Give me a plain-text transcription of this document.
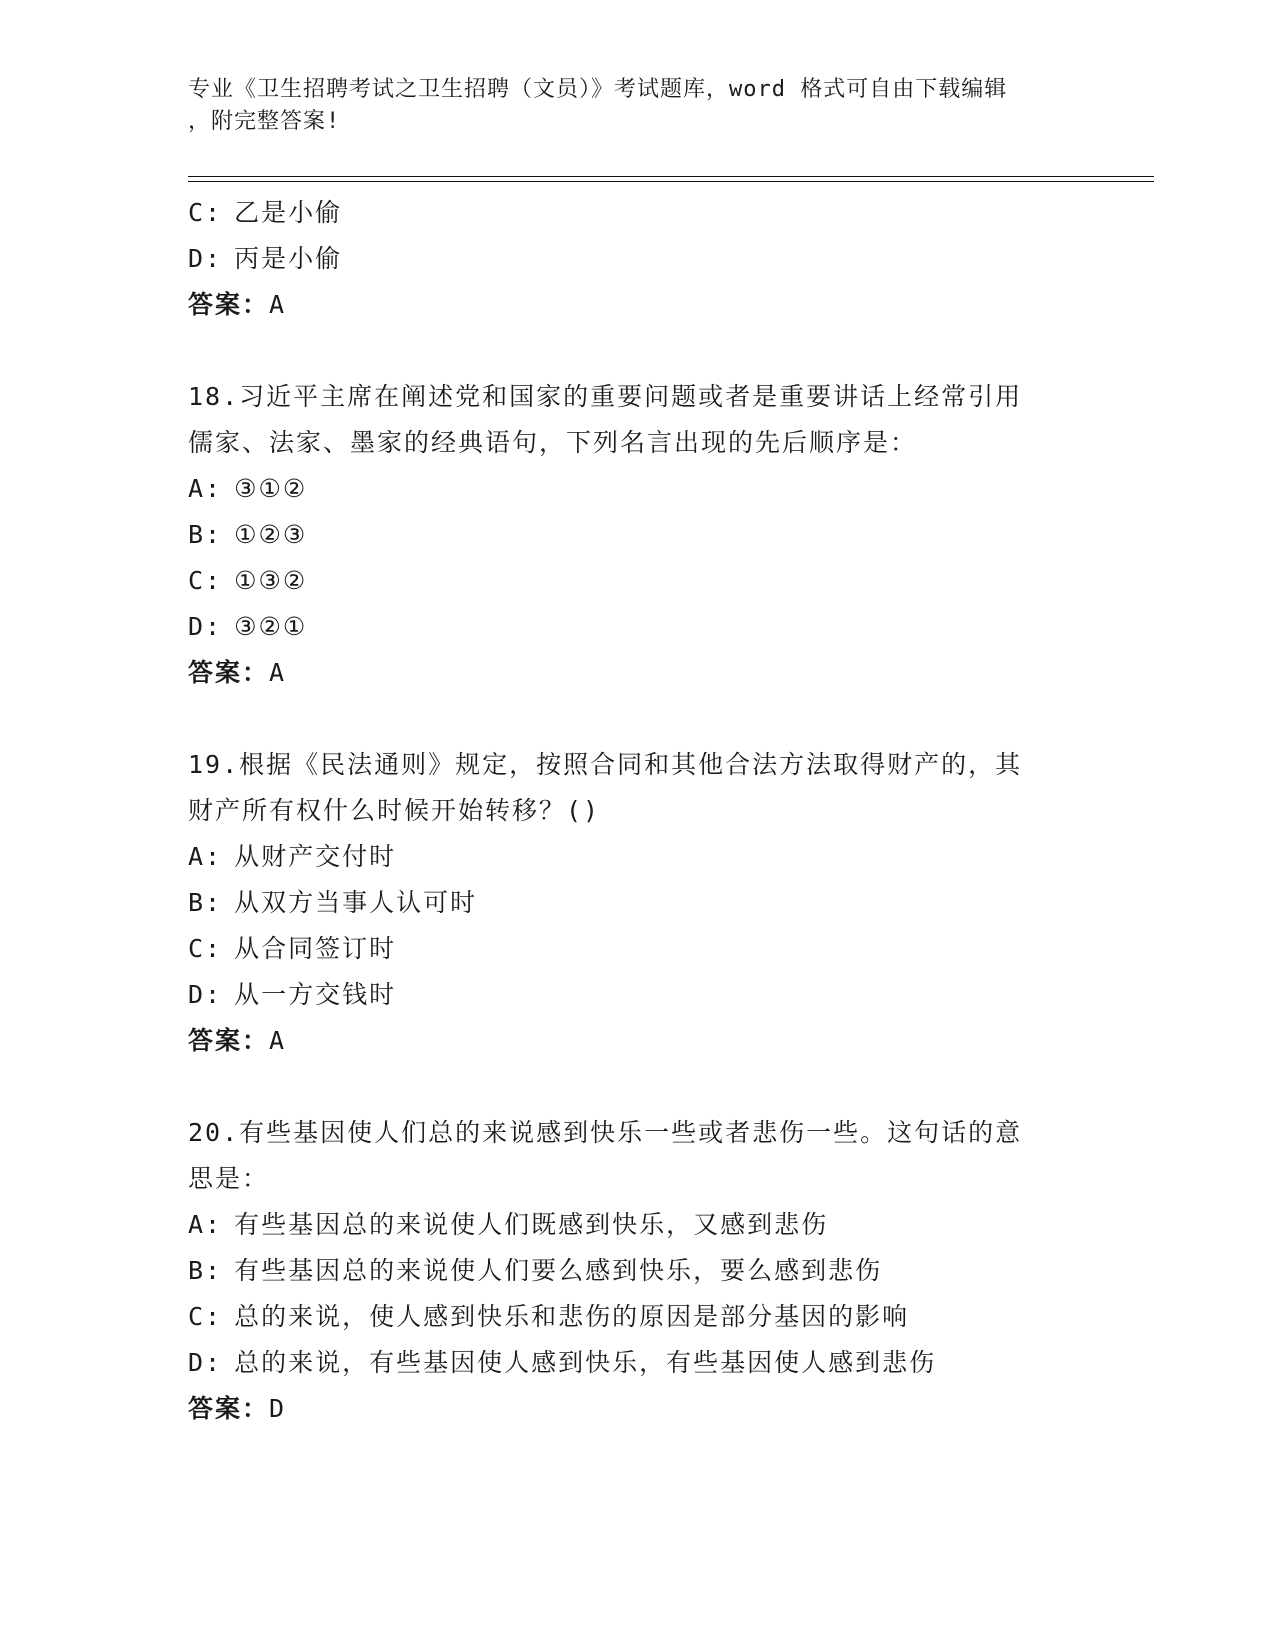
专业《卫生招聘考试之卫生招聘（文员）》考试题库，word 格式可自由下载编辑
，附完整答案!
C: 乙是小偷
D: 丙是小偷
答案：A
18.习近平主席在阐述党和国家的重要问题或者是重要讲话上经常引用
儒家、法家、墨家的经典语句，下列名言出现的先后顺序是：
A: ③①②
B: ①②③
C: ①③②
D: ③②①
答案：A
19.根据《民法通则》规定，按照合同和其他合法方法取得财产的，其
财产所有权什么时候开始转移？()
A: 从财产交付时
B: 从双方当事人认可时
C: 从合同签订时
D: 从一方交钱时
答案：A
20.有些基因使人们总的来说感到快乐一些或者悲伤一些。这句话的意
思是：
A: 有些基因总的来说使人们既感到快乐，又感到悲伤
B: 有些基因总的来说使人们要么感到快乐，要么感到悲伤
C: 总的来说，使人感到快乐和悲伤的原因是部分基因的影响
D: 总的来说，有些基因使人感到快乐，有些基因使人感到悲伤
答案：D
